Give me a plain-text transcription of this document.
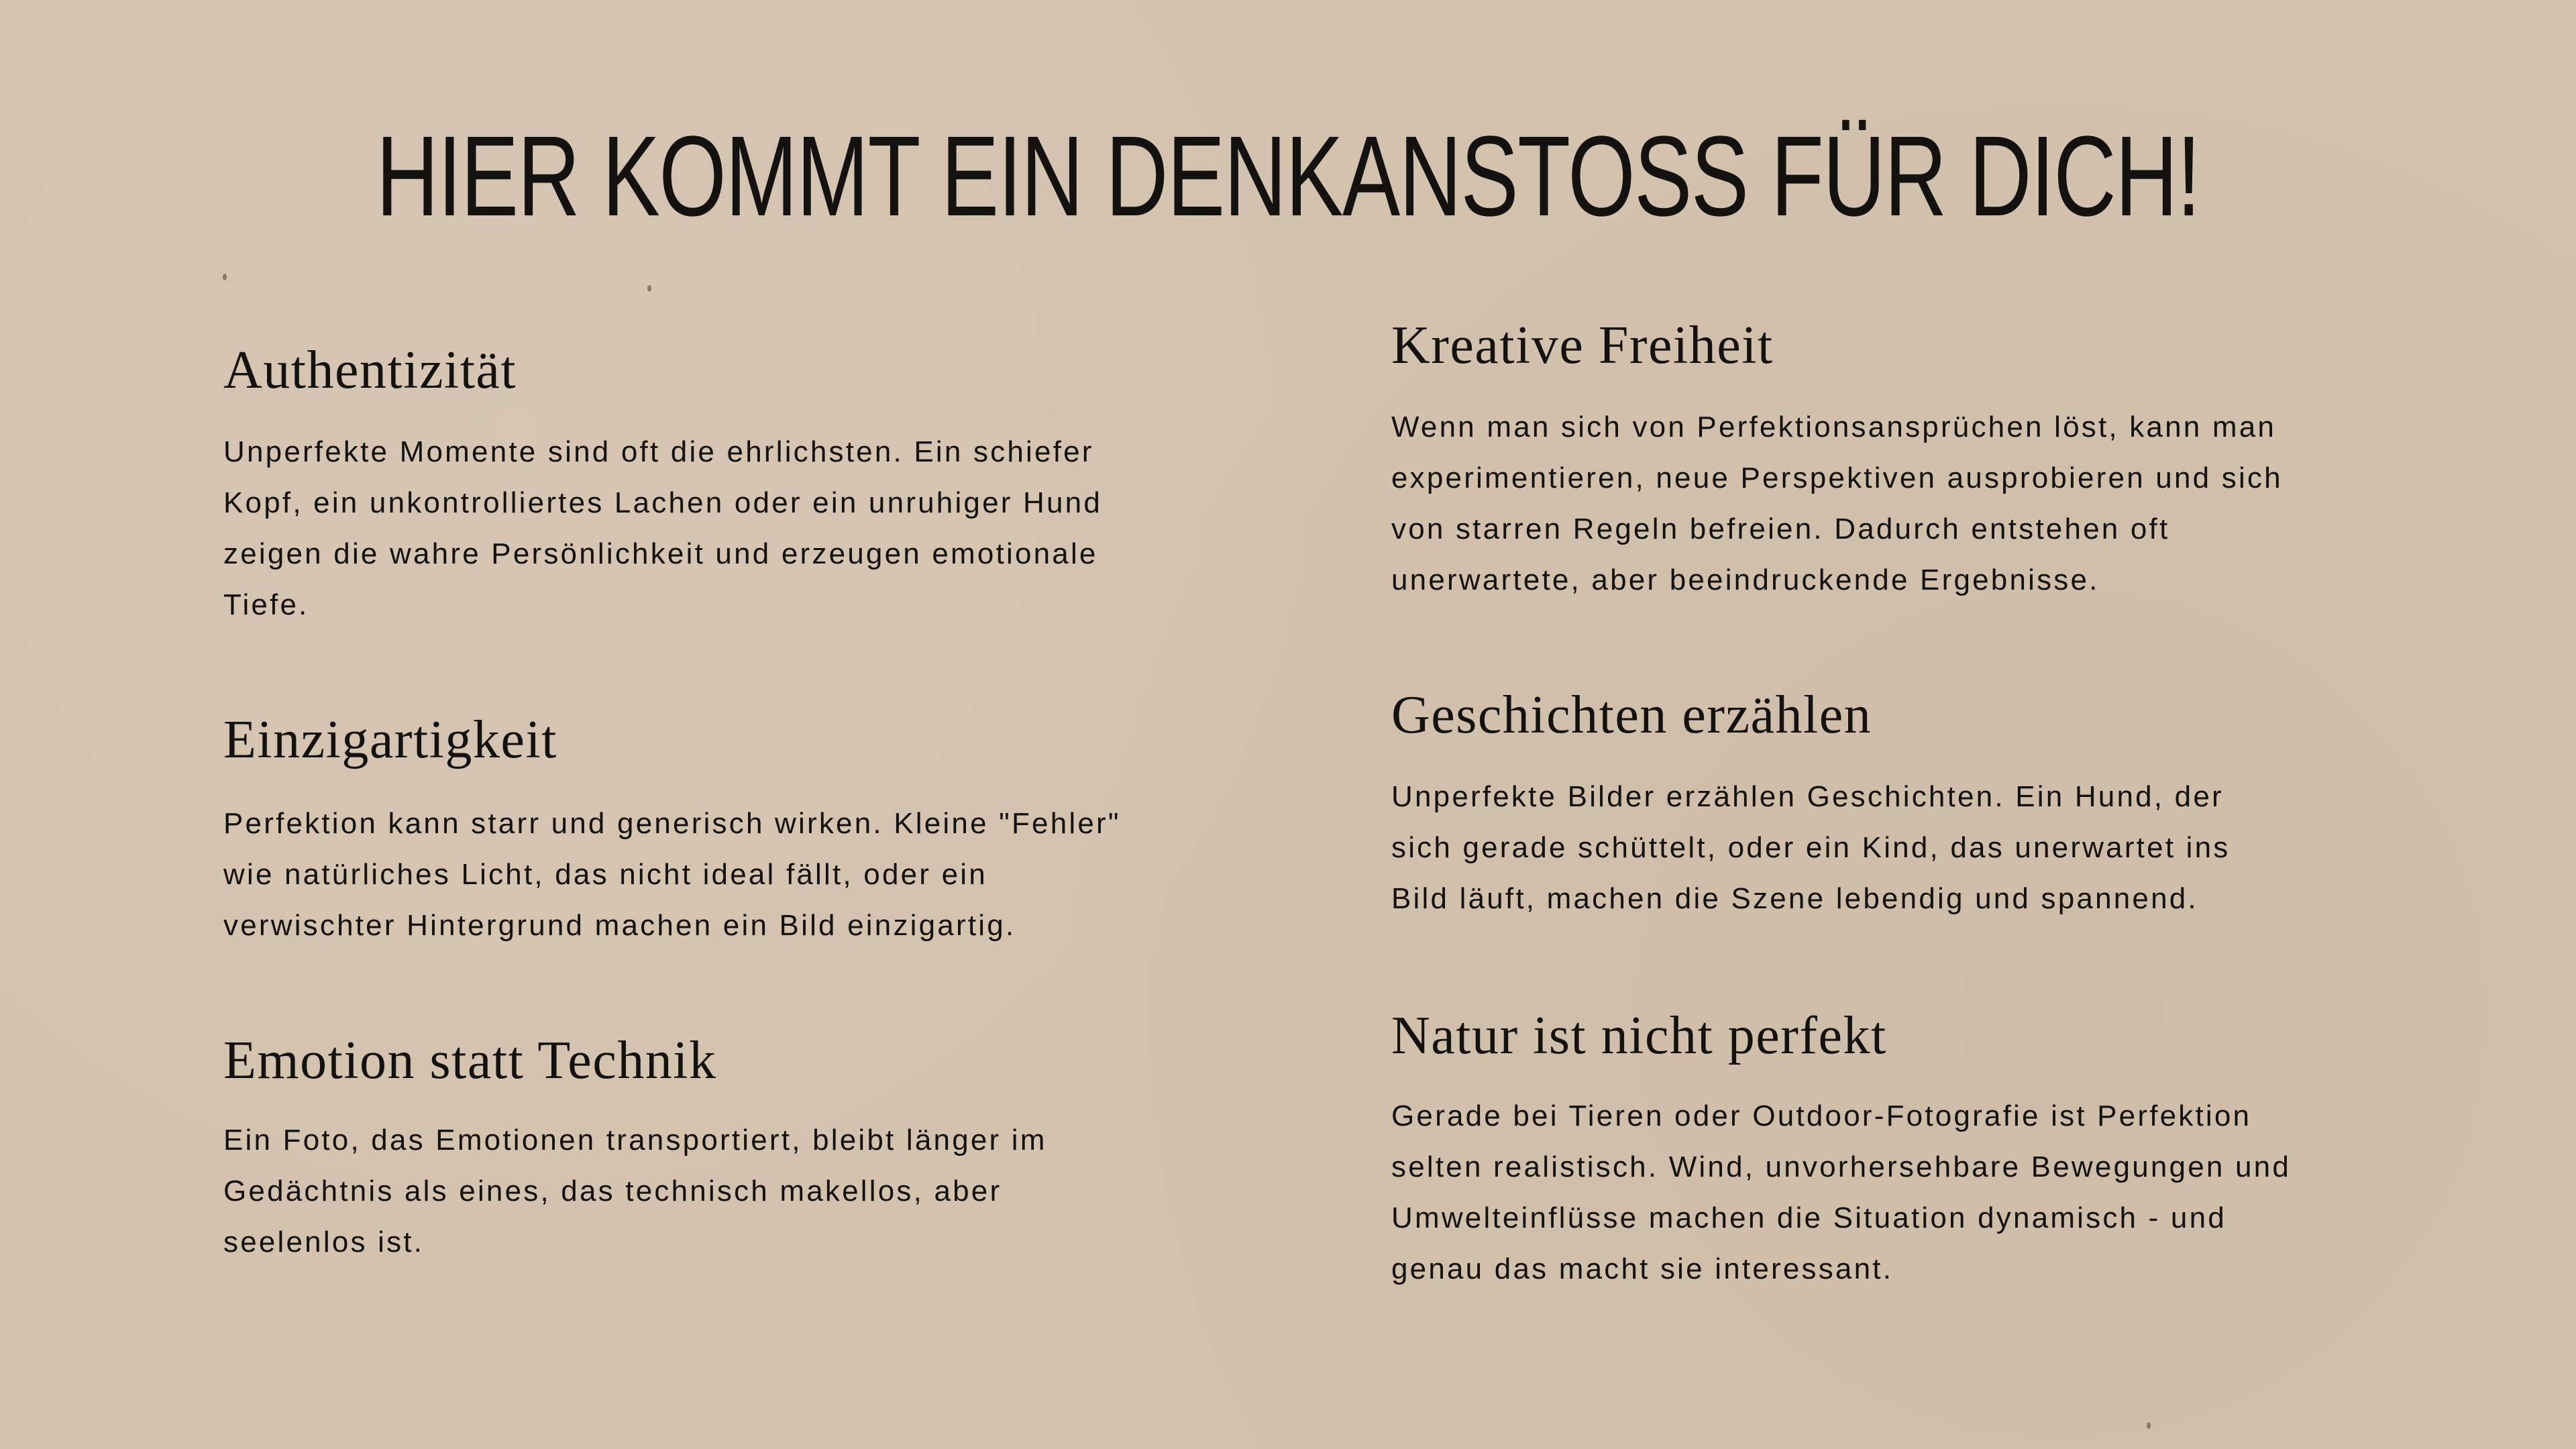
HIER KOMMT EIN DENKANSTOSS FÜR DICH!
Authentizität
Unperfekte Momente sind oft die ehrlichsten. Ein schiefer
Kopf, ein unkontrolliertes Lachen oder ein unruhiger Hund
zeigen die wahre Persönlichkeit und erzeugen emotionale
Tiefe.
Einzigartigkeit
Perfektion kann starr und generisch wirken. Kleine "Fehler"
wie natürliches Licht, das nicht ideal fällt, oder ein
verwischter Hintergrund machen ein Bild einzigartig.
Emotion statt Technik
Ein Foto, das Emotionen transportiert, bleibt länger im
Gedächtnis als eines, das technisch makellos, aber
seelenlos ist.
Kreative Freiheit
Wenn man sich von Perfektionsansprüchen löst, kann man
experimentieren, neue Perspektiven ausprobieren und sich
von starren Regeln befreien. Dadurch entstehen oft
unerwartete, aber beeindruckende Ergebnisse.
Geschichten erzählen
Unperfekte Bilder erzählen Geschichten. Ein Hund, der
sich gerade schüttelt, oder ein Kind, das unerwartet ins
Bild läuft, machen die Szene lebendig und spannend.
Natur ist nicht perfekt
Gerade bei Tieren oder Outdoor-Fotografie ist Perfektion
selten realistisch. Wind, unvorhersehbare Bewegungen und
Umwelteinflüsse machen die Situation dynamisch - und
genau das macht sie interessant.
